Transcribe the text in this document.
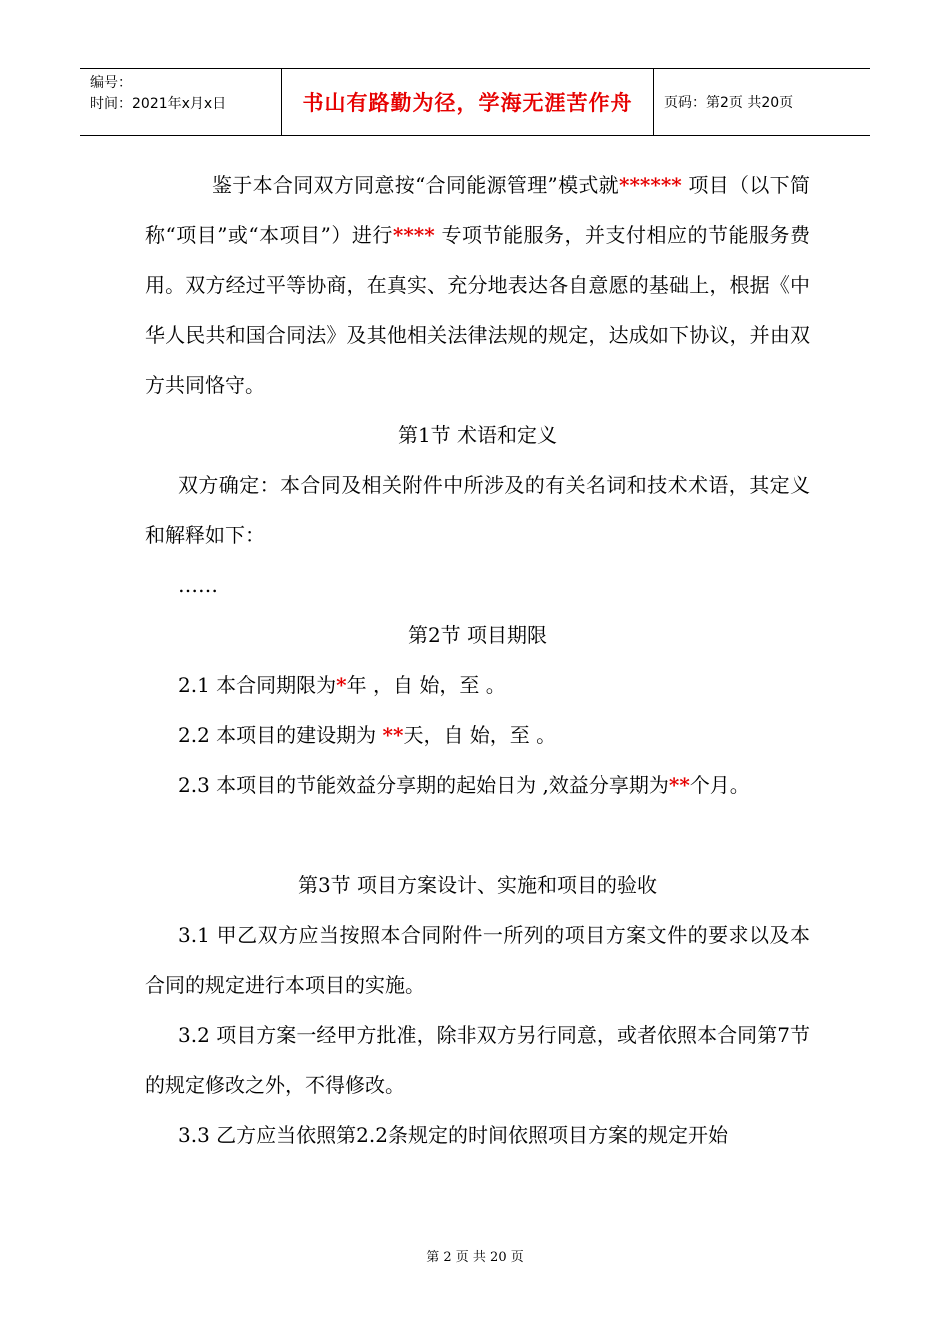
编号：
时间：2021年x月x日	书山有路勤为径，学海无涯苦作舟	页码：第2页 共20页

鉴于本合同双方同意按“合同能源管理”模式就****** 项目（以下简称“项目”或“本项目”）进行**** 专项节能服务，并支付相应的节能服务费用。双方经过平等协商，在真实、充分地表达各自意愿的基础上，根据《中华人民共和国合同法》及其他相关法律法规的规定，达成如下协议，并由双方共同恪守。

第1节 术语和定义

双方确定：本合同及相关附件中所涉及的有关名词和技术术语，其定义和解释如下：

……

第2节 项目期限

2.1 本合同期限为*年 ，自 始，至 。

2.2 本项目的建设期为 **天，自 始，至 。

2.3 本项目的节能效益分享期的起始日为 ,效益分享期为**个月。

第3节 项目方案设计、实施和项目的验收

3.1 甲乙双方应当按照本合同附件一所列的项目方案文件的要求以及本合同的规定进行本项目的实施。

3.2 项目方案一经甲方批准，除非双方另行同意，或者依照本合同第7节的规定修改之外，不得修改。

3.3 乙方应当依照第2.2条规定的时间依照项目方案的规定开始

第 2 页 共 20 页
